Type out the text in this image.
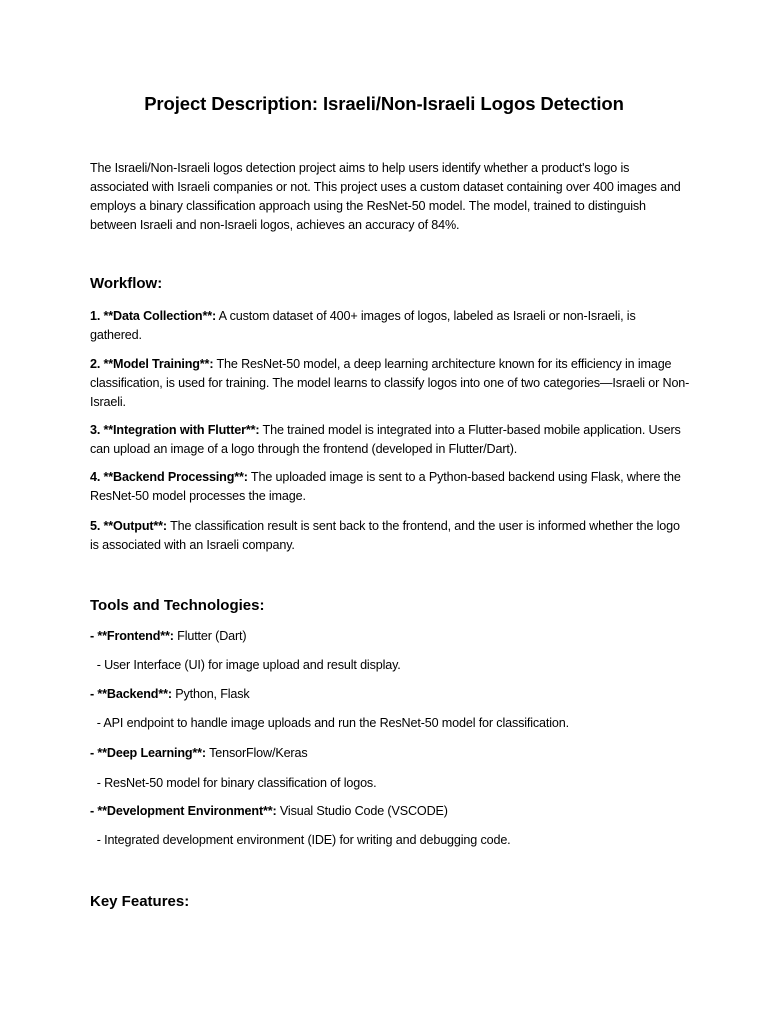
Project Description: Israeli/Non-Israeli Logos Detection
The Israeli/Non-Israeli logos detection project aims to help users identify whether a product's logo is associated with Israeli companies or not. This project uses a custom dataset containing over 400 images and employs a binary classification approach using the ResNet-50 model. The model, trained to distinguish between Israeli and non-Israeli logos, achieves an accuracy of 84%.
Workflow:
1. **Data Collection**: A custom dataset of 400+ images of logos, labeled as Israeli or non-Israeli, is gathered.
2. **Model Training**: The ResNet-50 model, a deep learning architecture known for its efficiency in image classification, is used for training. The model learns to classify logos into one of two categories—Israeli or Non-Israeli.
3. **Integration with Flutter**: The trained model is integrated into a Flutter-based mobile application. Users can upload an image of a logo through the frontend (developed in Flutter/Dart).
4. **Backend Processing**: The uploaded image is sent to a Python-based backend using Flask, where the ResNet-50 model processes the image.
5. **Output**: The classification result is sent back to the frontend, and the user is informed whether the logo is associated with an Israeli company.
Tools and Technologies:
- **Frontend**: Flutter (Dart)
- User Interface (UI) for image upload and result display.
- **Backend**: Python, Flask
- API endpoint to handle image uploads and run the ResNet-50 model for classification.
- **Deep Learning**: TensorFlow/Keras
- ResNet-50 model for binary classification of logos.
- **Development Environment**: Visual Studio Code (VSCODE)
- Integrated development environment (IDE) for writing and debugging code.
Key Features:
